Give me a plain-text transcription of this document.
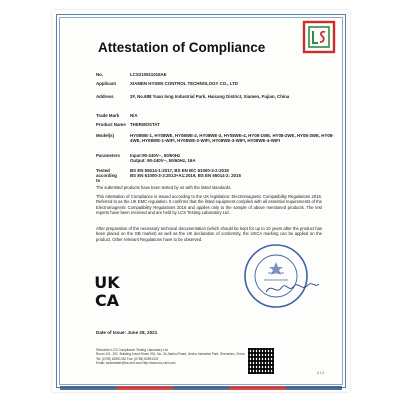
Attestation of Compliance
No.	LCS210611016AE
Applicant	XIAMEN HYSEN CONTROL TECHNOLOGY CO., LTD
Address	2F, No.688 Yuan long Industrial Park, Haicang District, Xiamen, Fujian, China
Trade Mark	N/A
Product Name THERMOSTAT
Model(s)	HY08WE-1, HY08WE, HY08WE-2, HY08WE-3, HY08WE-4, HY08-1WE, HY08-2WE, HY08-3WE, HY08-4WE, HY08WE-1-WIFI, HY08WE-2-WIFI, HY08WE-3-WIFI, HY08WE-4-WIFI
Parameters	Input:90-240V~, 50/60Hz
Output: 90-240V~, 50/60Hz, 16A
Tested according to
BS EN 55014-1:2017, BS EN IEC 61000-3-2:2019
BS EN 61000-3-3:2013+A1:2019, BS EN 55014-2: 2015
The submitted products have been tested by us with the listed standards.
This Attestation of Compliance is issued according to the UK legislation: Electromagnetic Compatibility Regulations 2016. Referred to as the UK EMC regulation. It confirms that the listed equipment complies with all essential requirements of the Electromagnetic Compatibility Regulations 2016 and applies only to the sample of above mentioned products. The test reports have been received and are held by LCS Testing Laboratory Ltd.
After preparation of the necessary technical documentation (which should be kept for up to 10 years after the product has been placed on the GB market) as well as the UK declaration of conformity, the UKCA marking can be applied on the product. Other relevant Regulations have to be observed.
UK
CA
Date of Issue: June 28, 2021
Shenzhen LCS Compliance Testing Laboratory Ltd.
Room 101, 201, Building A and Room 301, No. 24 Jianhui Road, Jinzhu Industrial Park, Shenzhen, China
Tel: (0755) 82591330 Fax: (0755) 82591332
Email: webmaster@lcs-cert.com http://www.lcs-cert.com
1 / 1
